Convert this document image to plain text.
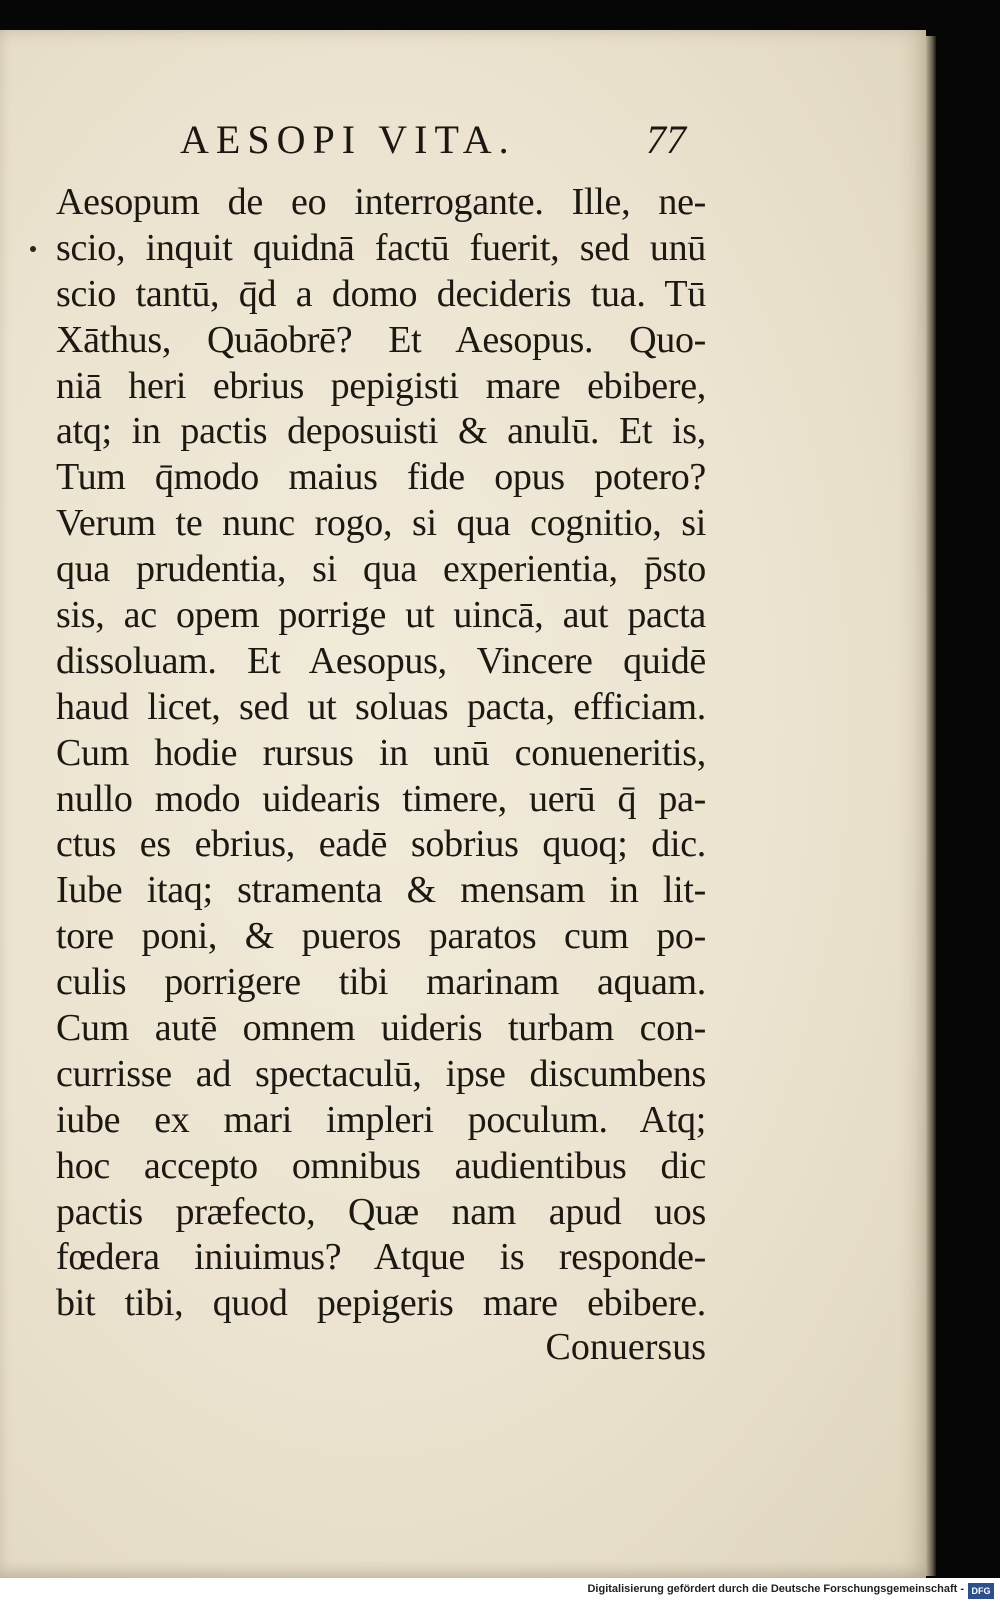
AESOPI VITA.	77
Aesopum de eo interrogante. Ille, ne-
scio, inquit quidnā factū fuerit, sed unū
scio tantū, q̄d a domo decideris tua. Tū
Xāthus, Quāobrē? Et Aesopus. Quo-
niā heri ebrius pepigisti mare ebibere,
atq; in pactis deposuisti & anulū. Et is,
Tum q̄modo maius fide opus potero?
Verum te nunc rogo, si qua cognitio, si
qua prudentia, si qua experientia, p̄sto
sis, ac opem porrige ut uincā, aut pacta
dissoluam. Et Aesopus, Vincere quidē
haud licet, sed ut soluas pacta, efficiam.
Cum hodie rursus in unū conueneritis,
nullo modo uidearis timere, uerū q̄ pa-
ctus es ebrius, eadē sobrius quoq; dic.
Iube itaq; stramenta & mensam in lit-
tore poni, & pueros paratos cum po-
culis porrigere tibi marinam aquam.
Cum autē omnem uideris turbam con-
currisse ad spectaculū, ipse discumbens
iube ex mari impleri poculum. Atq;
hoc accepto omnibus audientibus dic
pactis præfecto, Quæ nam apud uos
fœdera iniuimus? Atque is responde-
bit tibi, quod pepigeris mare ebibere.
Conuersus
Digitalisierung gefördert durch die Deutsche Forschungsgemeinschaft - DFG
